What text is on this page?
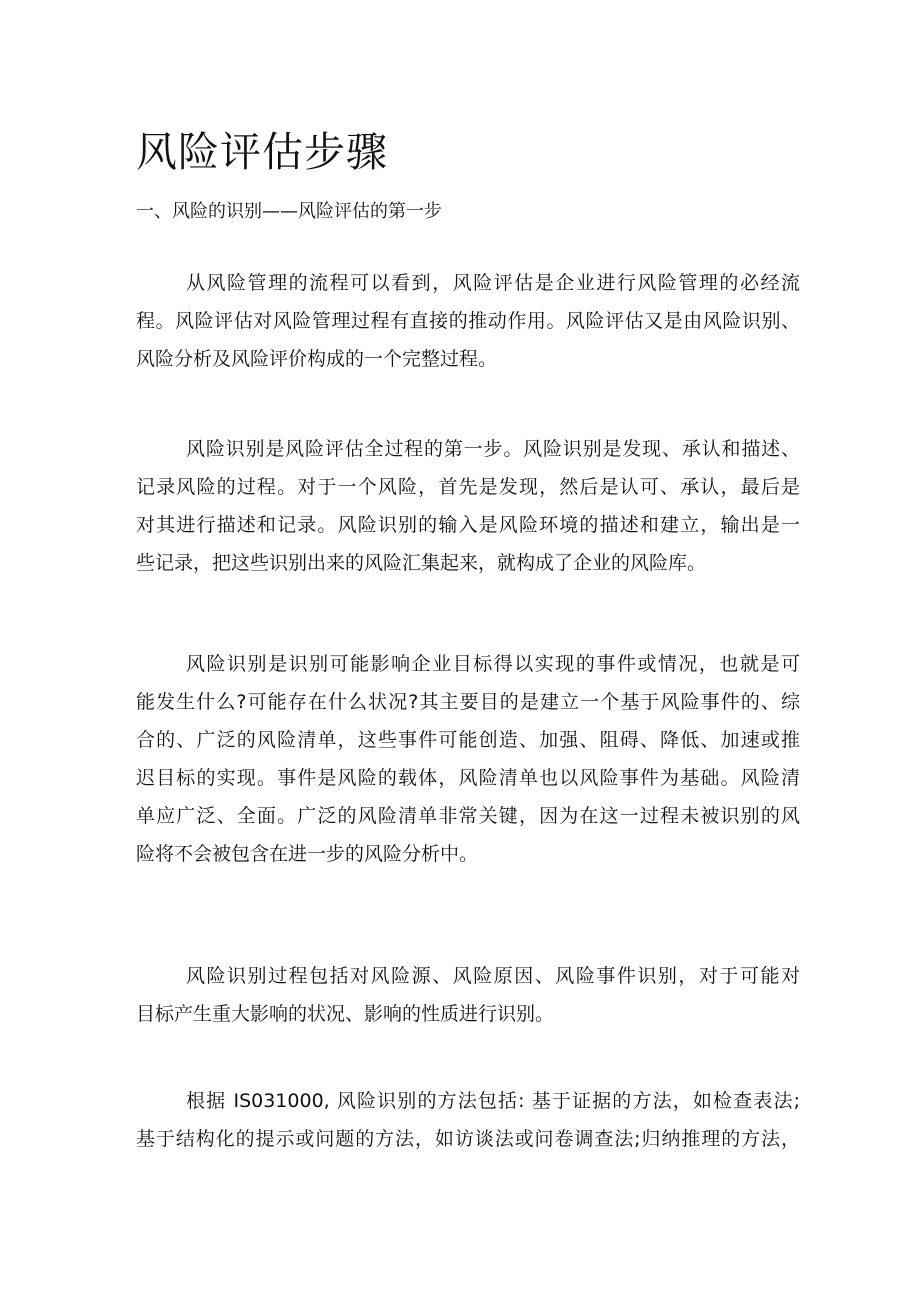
风险评估步骤
一、风险的识别——风险评估的第一步

从风险管理的流程可以看到，风险评估是企业进行风险管理的必经流
程。风险评估对风险管理过程有直接的推动作用。风险评估又是由风险识别、
风险分析及风险评价构成的一个完整过程。

风险识别是风险评估全过程的第一步。风险识别是发现、承认和描述、
记录风险的过程。对于一个风险，首先是发现，然后是认可、承认，最后是
对其进行描述和记录。风险识别的输入是风险环境的描述和建立，输出是一
些记录，把这些识别出来的风险汇集起来，就构成了企业的风险库。

风险识别是识别可能影响企业目标得以实现的事件或情况，也就是可
能发生什么?可能存在什么状况?其主要目的是建立一个基于风险事件的、综
合的、广泛的风险清单，这些事件可能创造、加强、阻碍、降低、加速或推
迟目标的实现。事件是风险的载体，风险清单也以风险事件为基础。风险清
单应广泛、全面。广泛的风险清单非常关键，因为在这一过程未被识别的风
险将不会被包含在进一步的风险分析中。

风险识别过程包括对风险源、风险原因、风险事件识别，对于可能对
目标产生重大影响的状况、影响的性质进行识别。

根据 IS031000, 风险识别的方法包括: 基于证据的方法，如检查表法;
基于结构化的提示或问题的方法，如访谈法或问卷调查法;归纳推理的方法，
